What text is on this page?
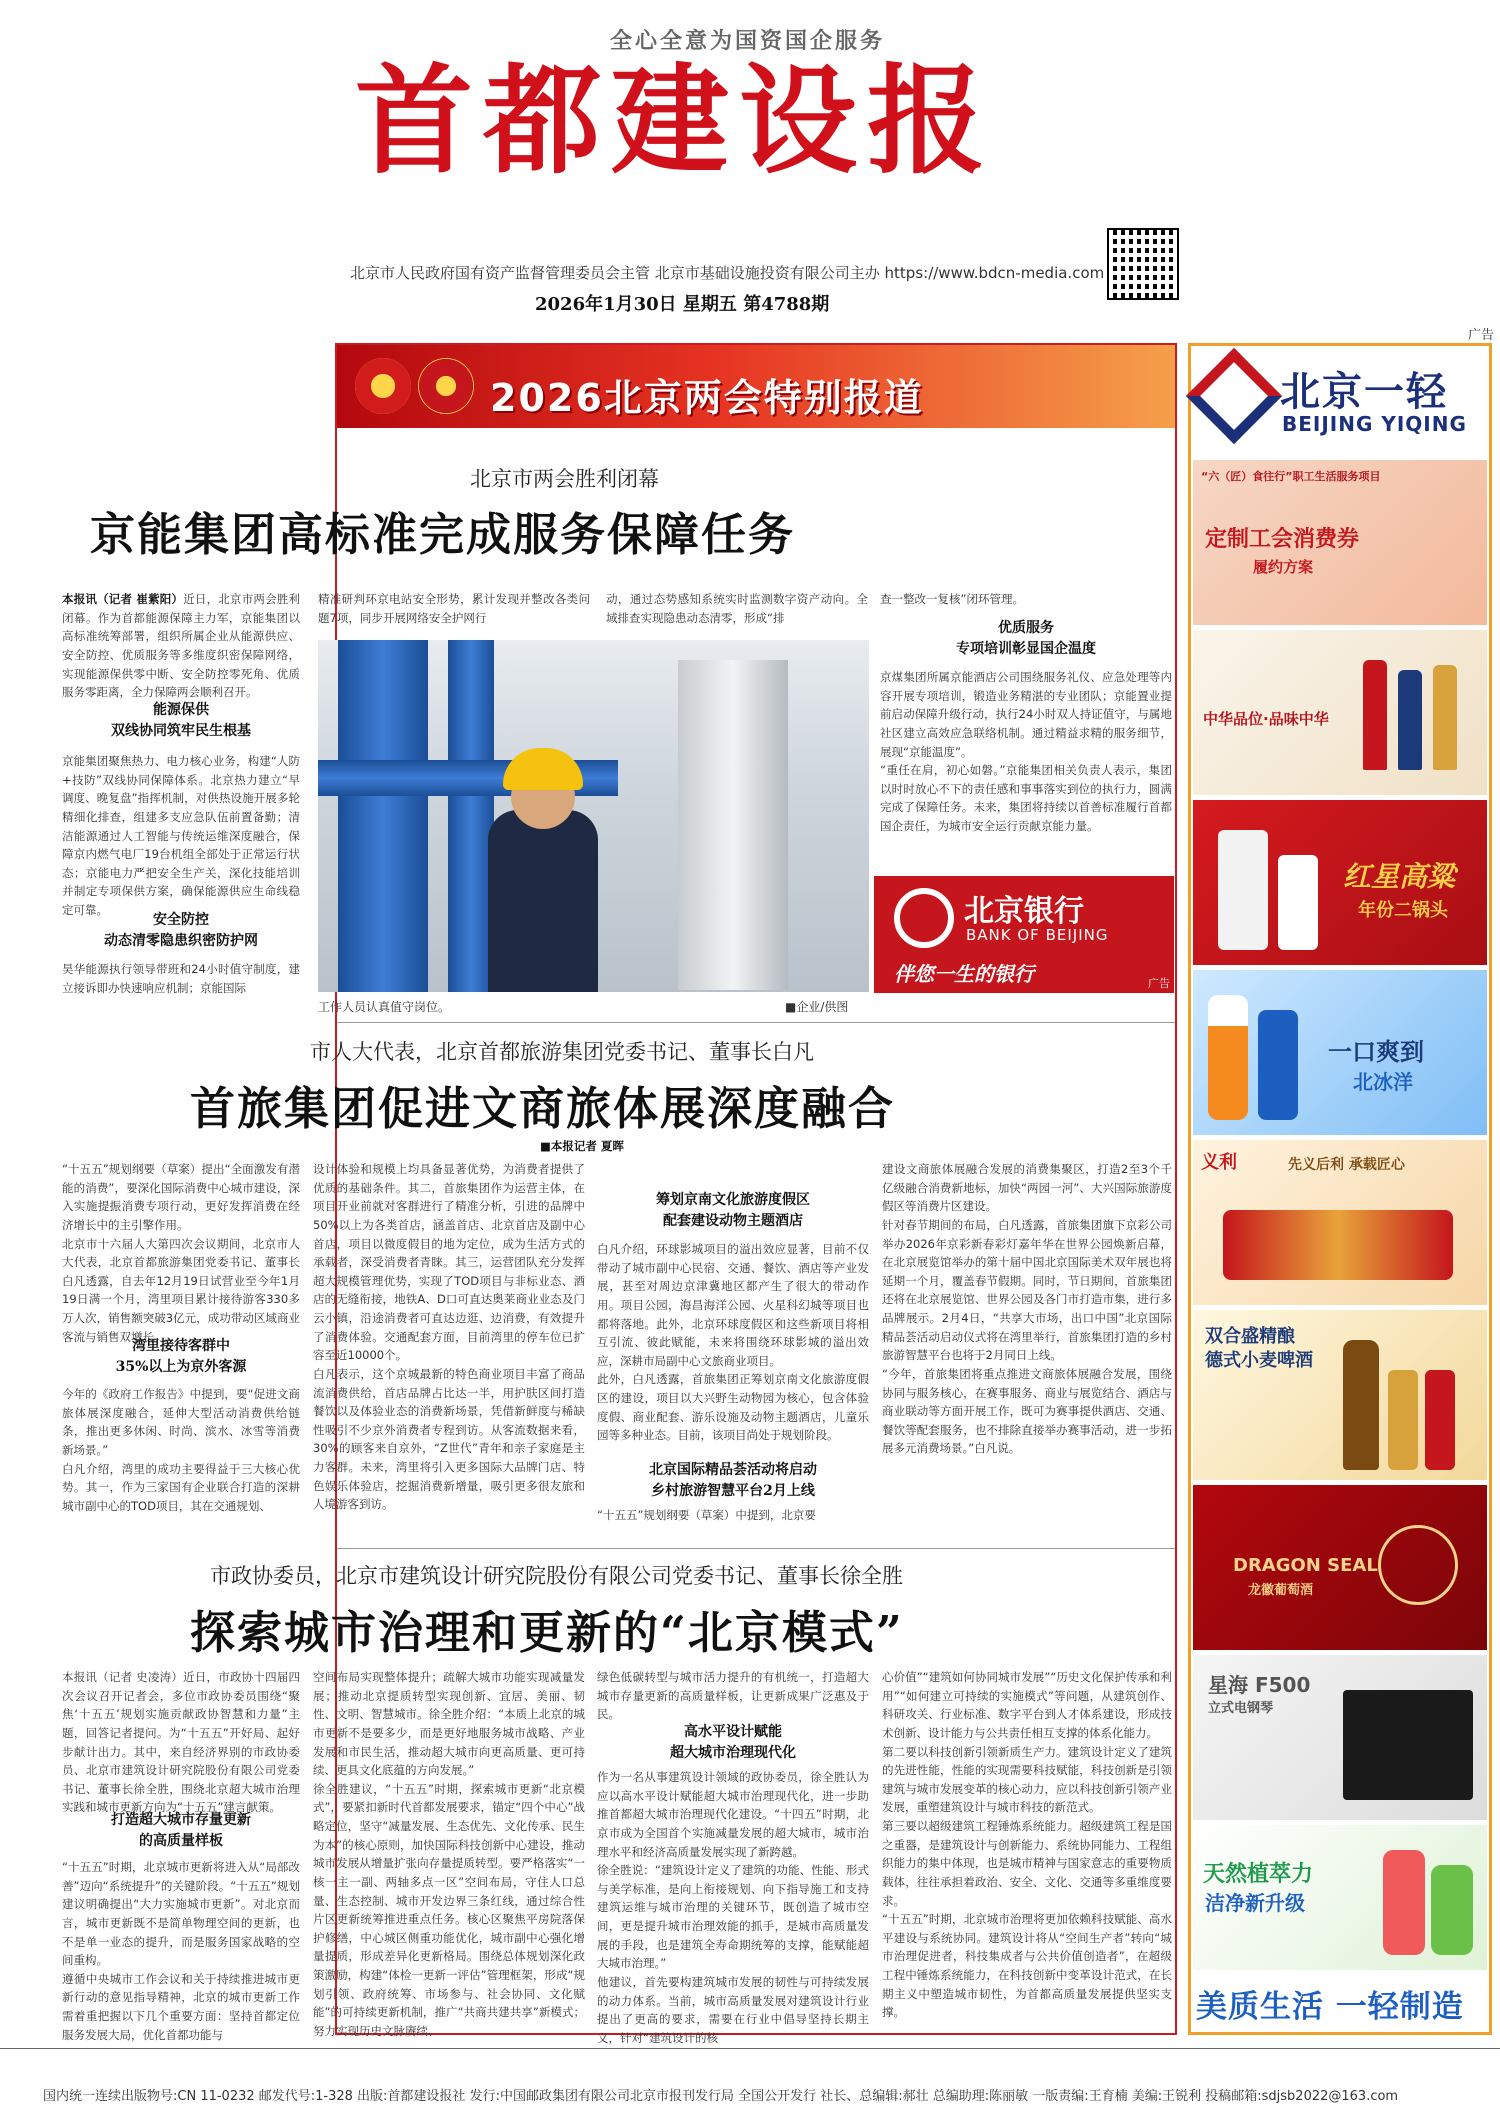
全心全意为国资国企服务
首都建设报
北京市人民政府国有资产监督管理委员会主管 北京市基础设施投资有限公司主办 https://www.bdcn-media.com
2026年1月30日 星期五 第4788期
广告
2026北京两会特别报道
北京市两会胜利闭幕
京能集团高标准完成服务保障任务
本报讯（记者 崔紫阳）近日，北京市两会胜利闭幕。作为首都能源保障主力军，京能集团以高标准统筹部署，组织所属企业从能源供应、安全防控、优质服务等多维度织密保障网络，实现能源保供零中断、安全防控零死角、优质服务零距离，全力保障两会顺利召开。
能源保供
双线协同筑牢民生根基
京能集团聚焦热力、电力核心业务，构建“人防+技防”双线协同保障体系。北京热力建立“早调度、晚复盘”指挥机制，对供热设施开展多轮精细化排查，组建多支应急队伍前置备勤；清洁能源通过人工智能与传统运维深度融合，保障京内燃气电厂19台机组全部处于正常运行状态；京能电力严把安全生产关，深化技能培训并制定专项保供方案，确保能源供应生命线稳定可靠。
安全防控
动态清零隐患织密防护网
昊华能源执行领导带班和24小时值守制度，建立接诉即办快速响应机制；京能国际
精准研判环京电站安全形势，累计发现并整改各类问题7项，同步开展网络安全护网行
动，通过态势感知系统实时监测数字资产动向。全域排查实现隐患动态清零，形成“排
查一整改一复核”闭环管理。
优质服务
专项培训彰显国企温度
京煤集团所属京能酒店公司围绕服务礼仪、应急处理等内容开展专项培训，锻造业务精湛的专业团队；京能置业提前启动保障升级行动，执行24小时双人持证值守，与属地社区建立高效应急联络机制。通过精益求精的服务细节，展现“京能温度”。
“重任在肩，初心如磐。”京能集团相关负责人表示，集团以时时放心不下的责任感和事事落实到位的执行力，圆满完成了保障任务。未来，集团将持续以首善标准履行首都国企责任，为城市安全运行贡献京能力量。
工作人员认真值守岗位。	■企业/供图
北京银行
BANK OF BEIJING
伴您一生的银行	广告
市人大代表，北京首都旅游集团党委书记、董事长白凡
首旅集团促进文商旅体展深度融合
■本报记者 夏晖
“十五五”规划纲要（草案）提出“全面激发有潜能的消费”，要深化国际消费中心城市建设，深入实施提振消费专项行动，更好发挥消费在经济增长中的主引擎作用。
北京市十六届人大第四次会议期间，北京市人大代表，北京首都旅游集团党委书记、董事长白凡透露，自去年12月19日试营业至今年1月19日满一个月，湾里项目累计接待游客330多万人次，销售额突破3亿元，成功带动区域商业客流与销售双增长。
湾里接待客群中
35%以上为京外客源
今年的《政府工作报告》中提到，要“促进文商旅体展深度融合，延伸大型活动消费供给链条，推出更多休闲、时尚、滨水、冰雪等消费新场景。”
白凡介绍，湾里的成功主要得益于三大核心优势。其一，作为三家国有企业联合打造的深耕城市副中心的TOD项目，其在交通规划、
设计体验和规模上均具备显著优势，为消费者提供了优质的基础条件。其二，首旅集团作为运营主体，在项目开业前就对客群进行了精准分析，引进的品牌中50%以上为各类首店，涵盖首店、北京首店及副中心首店，项目以微度假目的地为定位，成为生活方式的承载者，深受消费者青睐。其三，运营团队充分发挥超大规模管理优势，实现了TOD项目与非标业态、酒店的无缝衔接，地铁A、D口可直达奥莱商业业态及门云小镇，沿途消费者可直达边逛、边消费，有效提升了消费体验。交通配套方面，目前湾里的停车位已扩容至近10000个。
白凡表示，这个京城最新的特色商业项目丰富了商品流消费供给，首店品牌占比达一半，用护肤区间打造餐饮以及体验业态的消费新场景，凭借新鲜度与稀缺性吸引不少京外消费者专程到访。从客流数据来看，30%的顾客来自京外，“Z世代”青年和亲子家庭是主力客群。未来，湾里将引入更多国际大品牌门店、特色娱乐体验店，挖掘消费新增量，吸引更多很友旅和人境游客到访。
筹划京南文化旅游度假区
配套建设动物主题酒店
白凡介绍，环球影城项目的溢出效应显著，目前不仅带动了城市副中心民宿、交通、餐饮、酒店等产业发展，甚至对周边京津冀地区都产生了很大的带动作用。项目公园，海昌海洋公园、火星科幻城等项目也都将落地。此外，北京环球度假区和这些新项目将相互引流、彼此赋能，未来将围绕环球影城的溢出效应，深耕市局副中心文旅商业项目。
此外，白凡透露，首旅集团正筹划京南文化旅游度假区的建设，项目以大兴野生动物园为核心，包含体验度假、商业配套、游乐设施及动物主题酒店，儿童乐园等多种业态。目前，该项目尚处于规划阶段。
北京国际精品荟活动将启动
乡村旅游智慧平台2月上线
“十五五”规划纲要（草案）中提到，北京要
建设文商旅体展融合发展的消费集聚区，打造2至3个千亿级融合消费新地标，加快“两园一河”、大兴国际旅游度假区等消费片区建设。
针对春节期间的布局，白凡透露，首旅集团旗下京彩公司举办2026年京彩新春彩灯嘉年华在世界公园焕新启幕，在北京展览馆举办的第十届中国北京国际美术双年展也将延期一个月，覆盖春节假期。同时，节日期间，首旅集团还将在北京展览馆、世界公园及各门市打造市集，进行多品牌展示。2月4日，“共享大市场，出口中国”北京国际精品荟活动启动仪式将在湾里举行，首旅集团打造的乡村旅游智慧平台也将于2月同日上线。
“今年，首旅集团将重点推进文商旅体展融合发展，围绕协同与服务核心，在赛事服务、商业与展览结合、酒店与商业联动等方面开展工作，既可为赛事提供酒店、交通、餐饮等配套服务，也不排除直接举办赛事活动，进一步拓展多元消费场景。”白凡说。
市政协委员，北京市建筑设计研究院股份有限公司党委书记、董事长徐全胜
探索城市治理和更新的“北京模式”
本报讯（记者 史凌涛）近日，市政协十四届四次会议召开记者会，多位市政协委员围绕“聚焦‘十五五’规划实施贡献政协智慧和力量”主题，回答记者提问。为“十五五”开好局、起好步献计出力。其中，来自经济界别的市政协委员、北京市建筑设计研究院股份有限公司党委书记、董事长徐全胜，围绕北京超大城市治理实践和城市更新方向为“十五五”建言献策。
打造超大城市存量更新
的高质量样板
“十五五”时期，北京城市更新将进入从“局部改善”迈向“系统提升”的关键阶段。“十五五”规划建议明确提出“大力实施城市更新”。对北京而言，城市更新既不是简单物理空间的更新，也不是单一业态的提升，而是服务国家战略的空间重构。
遵循中央城市工作会议和关于持续推进城市更新行动的意见指导精神，北京的城市更新工作需着重把握以下几个重要方面：坚持首都定位服务发展大局，优化首都功能与
空间布局实现整体提升；疏解大城市功能实现减量发展；推动北京提质转型实现创新、宜居、美丽、韧性、文明、智慧城市。徐全胜介绍：“本质上北京的城市更新不是要多少，而是更好地服务城市战略、产业发展和市民生活，推动超大城市向更高质量、更可持续、更具文化底蕴的方向发展。”
徐全胜建议，“十五五”时期，探索城市更新“北京模式”，要紧扣新时代首都发展要求，锚定“四个中心”战略定位，坚守“减量发展、生态优先、文化传承、民生为本”的核心原则，加快国际科技创新中心建设，推动城市发展从增量扩张向存量提质转型。要严格落实“一核一主一副、两轴多点一区”空间布局，守住人口总量、生态控制、城市开发边界三条红线，通过综合性片区更新统筹推进重点任务。核心区聚焦平房院落保护修缮，中心城区侧重功能优化，城市副中心强化增量提质，形成差异化更新格局。围绕总体规划深化政策激励，构建“体检一更新一评估”管理框架，形成“规划引领、政府统筹、市场参与、社会协同、文化赋能”的可持续更新机制，推广“共商共建共享”新模式；努力实现历史文脉赓续、
绿色低碳转型与城市活力提升的有机统一，打造超大城市存量更新的高质量样板，让更新成果广泛惠及于民。
高水平设计赋能
超大城市治理现代化
作为一名从事建筑设计领域的政协委员，徐全胜认为应以高水平设计赋能超大城市治理现代化，进一步助推首都超大城市治理现代化建设。“十四五”时期，北京市成为全国首个实施减量发展的超大城市，城市治理水平和经济高质量发展实现了新跨越。
徐全胜说：“建筑设计定义了建筑的功能、性能、形式与美学标准，是向上衔接规划、向下指导施工和支持建筑运维与城市治理的关键环节，既创造了城市空间，更是提升城市治理效能的抓手，是城市高质量发展的手段，也是建筑全寿命期统筹的支撑，能赋能超大城市治理。”
他建议，首先要构建筑城市发展的韧性与可持续发展的动力体系。当前，城市高质量发展对建筑设计行业提出了更高的要求，需要在行业中倡导坚持长期主义，针对“建筑设计的核
心价值”“建筑如何协同城市发展”“历史文化保护传承和利用”“如何建立可持续的实施模式”等问题，从建筑创作、科研攻关、行业标准、数字平台到人才体系建设，形成技术创新、设计能力与公共责任相互支撑的体系化能力。
第二要以科技创新引领新质生产力。建筑设计定义了建筑的先进性能，性能的实现需要科技赋能，科技创新是引领建筑与城市发展变革的核心动力，应以科技创新引领产业发展，重塑建筑设计与城市科技的新范式。
第三要以超级建筑工程锤炼系统能力。超级建筑工程是国之重器，是建筑设计与创新能力、系统协同能力、工程组织能力的集中体现，也是城市精神与国家意志的重要物质载体，往往承担着政治、安全、文化、交通等多重维度要求。
“十五五”时期，北京城市治理将更加依赖科技赋能、高水平建设与系统协同。建筑设计将从“空间生产者”转向“城市治理促进者，科技集成者与公共价值创造者”，在超级工程中锤炼系统能力，在科技创新中变革设计范式，在长期主义中塑造城市韧性，为首都高质量发展提供坚实支撑。
北京一轻
BEIJING YIQING
“六（匠）食往行”职工生活服务项目
定制工会消费券
履约方案
中华品位·品味中华
红星高粱
年份二锅头
一口爽到
北冰洋
义利	先义后利 承载匠心
双合盛精酿
德式小麦啤酒
DRAGON SEAL
龙徽葡萄酒
星海 F500
立式电钢琴
天然植萃力
洁净新升级
美质生活 一轻制造
国内统一连续出版物号:CN 11-0232 邮发代号:1-328 出版:首都建设报社 发行:中国邮政集团有限公司北京市报刊发行局 全国公开发行 社长、总编辑:郝壮 总编助理:陈丽敏 一版责编:王育楠 美编:王锐利 投稿邮箱:sdjsb2022@163.com
